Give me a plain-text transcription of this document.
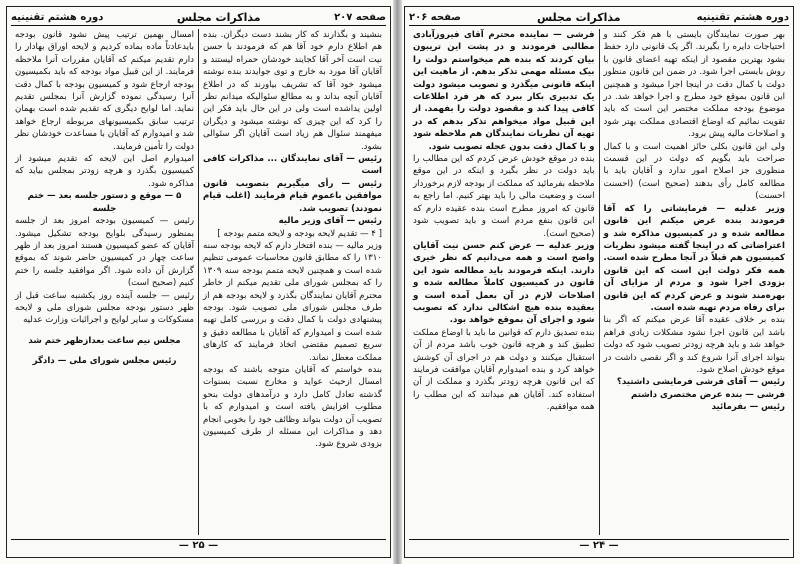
صفحه ۲۰۷
مذاکرات مجلس
دوره هشتم تقنینیه

بنشیند و بگذارند که کار بشند دست دیگران. بنده هم اطلاع دارم خود آقا هم که فرمودند با حسن نیت است آخر آقا کجایند خودشان حمراه لیستند و آقایان آقا مورد به خارج و توی جوایدند بنده نوشته میشود خود آقا که تشریف بیاورند که در اطلاع آقایان آنچه بداند و به مطالع سئوالیکه میدانم نظر اولین یداشده است ولی در این حال باید فکر این را کرد که این چیزی که نوشته میشود و دیگران میفهمند سئوال هم زیاد است آقایان اگر سئوالی بشود.

رئیس — آقای نمایندگان ... مذاکرات کافی است

رئیس — رأی میگیریم بتصویب قانون موافقین باعموم قیام فرمایند (اغلب قیام نمودند) تصویب شد.

رئیس — آقای وزیر مالیه

[ ۴ — تقدیم لایحه بودجه و لایحه متمم بودجه ]

وزیر مالیه — بنده افتخار دارم که لایحه بودجه سنه ۱۳۱۰ را که مطابق قانون محاسبات عمومی تنظیم شده است و همچنین لایحه متمم بودجه سنه ۱۳۰۹ را که بمجلس شورای ملی تقدیم میکنم از خاطر محترم آقایان نمایندگان بگذرد و لایحه بودجه هم از طرف مجلس شورای ملی تصویب شود. بودجه پیشنهادی دولت با کمال دقت و بررسی کامل تهیه شده است و امیدوارم که آقایان با مطالعه دقیق و سریع تصمیم مقتضی اتخاذ فرمایند که کارهای مملکت معطل نماند.

بنده خواستم که آقایان متوجه باشند که بودجه امسال ازحیث عواید و مخارج نسبت بسنوات گذشته تعادل کامل دارد و درآمدهای دولت بنحو مطلوب افزایش یافته است و امیدوارم که با تصویب آن دولت بتواند وظائف خود را بخوبی انجام دهد و مذاکرات این مسئله از طرف کمیسیون بزودی شروع شود.

امسال بهمین ترتیب پیش نشود قانون بودجه بایدعادتاً ماده بماده کردیم و لایحه اوراق بهادار را دارم تقدیم میکنم که آقایان مقررات آنرا ملاحظه فرمایند. از این قبیل مواد بودجه که باید بکمیسیون بودجه ارجاع شود و کمیسیون بودجه با کمال دقت آنرا رسیدگی نموده گزارش آنرا بمجلس تقدیم نماید. اما لوایح دیگری که تقدیم شده است بهمان ترتیب سابق بکمیسیونهای مربوطه ارجاع خواهد شد و امیدوارم که آقایان با مساعدت خودشان نظر دولت را تأمین فرمایند.

امیدوارم اصل این لایحه که تقدیم میشود از کمیسیون بگذرد و هرچه زودتر بمجلس بیاید که مذاکره شود.

۵ — موقع و دستور جلسه بعد — ختم جلسه

رئیس — کمیسیون بودجه امروز بعد از جلسه بمنظور رسیدگی بلوایح بودجه تشکیل میشود. آقایان که عضو کمیسیون هستند امروز بعد از ظهر ساعت چهار در کمیسیون حاضر شوند که بموقع گزارش آن داده شود. اگر موافقید جلسه را ختم کنیم (صحیح است)

رئیس — جلسه آینده روز یکشنبه ساعت قبل از ظهر دستور بودجه مجلس شورای ملی و لایحه مسکوکات و سایر لوایح و اجرائیات وزارت عدلیه

مجلس نیم ساعت بعدازظهر ختم شد

رئیس مجلس شورای ملی — دادگر

— ۲۵ —
دوره هشتم تقنینیه
مذاکرات مجلس
صفحه ۲۰۶

بهر صورت نمایندگان بایستی با هم فکر کنند و احتیاجات دایره را بگیرند. اگر یک قانونی دارد حفظ بشود بهترین مقصود از اینکه تهیه اعضای قانون با روش بایستی اجرا شود. در ضمن این قانون منظور دولت با کمال دقت در اینجا اجرا میشود و همچنین این قانون بموقع خود مطرح و اجرا خواهد شد. در موضوع بودجه مملکت مختصر این است که باید تقویت نمائیم که اوضاع اقتصادی مملکت بهتر شود و اصلاحات مالیه پیش برود.

ولی این قانون بکلی حائز اهمیت است و با کمال صراحت باید بگویم که دولت در این قسمت منظوری جز اصلاح امور ندارد و آقایان باید با مطالعه کامل رأی بدهند (صحیح است) (احسنت احسنت)

وزیر عدلیه — فرمایشاتی را که آقا فرمودند بنده عرض میکنم این قانون مطالعه شده و در کمیسیون مذاکره شد و اعتراضاتی که در اینجا گفته میشود نظریات کمیسیون هم قبلاً در آنجا مطرح شده است. همه فکر دولت این است که این قانون بزودی اجرا شود و مردم از مزایای آن بهره‌مند شوند و عرض کردم که این قانون برای رفاه مردم تهیه شده است.

بنده بر خلاف عقیده آقا عرض میکنم که اگر بنا باشد این قانون اجرا نشود مشکلات زیادی فراهم خواهد شد و باید هرچه زودتر تصویب شود که دولت بتواند اجرای آنرا شروع کند و اگر نقصی داشت در موقع خودش اصلاح شود.

رئیس — آقای فرشی فرمایشی داشتید؟

فرشی — بنده عرض مختصری داشتم

رئیس — بفرمائید

فرشی — نماینده محترم آقای فیروزآبادی مطالبی فرمودند و در پشت این تریبون بیان کردند که بنده هم میخواستم دولت را بیک مسئله مهمی تذکر بدهم. از ماهیت این اینکه قانونی میگذرد و تصویب میشود دولت یک تدبیری بکار ببرد که هر فرد اطلاعات کافی پیدا کند و مقصود دولت را بفهمد. از این قبیل مواد میخواهم تذکر بدهم که در تهیه آن نظریات نمایندگان هم ملاحظه شود و با کمال دقت بدون عجله تصویب شود.

بنده در موقع خودش عرض کردم که این مطالب را باید دولت در نظر بگیرد و اینکه در این موقع ملاحظه بفرمائید که مملکت از بودجه لازم برخوردار است و وضعیت مالی را باید بهتر کنیم. اما راجع به قانون که امروز مطرح است بنده عقیده دارم که این قانون بنفع مردم است و باید تصویب شود (صحیح است).

وزیر عدلیه — عرض کنم حسن نیت آقایان واضح است و همه می‌دانیم که نظر خیری دارند. اینکه فرمودند باید مطالعه شود این قانون در کمیسیون کاملاً مطالعه شده و اصلاحات لازم در آن بعمل آمده است و بعقیده بنده هیچ اشکالی ندارد که تصویب شود و اجرای آن بموقع خواهد بود.

بنده تصدیق دارم که قوانین ما باید با اوضاع مملکت تطبیق کند و هرچه قانون خوب باشد مردم از آن استقبال میکنند و دولت هم در اجرای آن کوشش خواهد کرد و بنده امیدوارم آقایان موافقت فرمایند که این قانون هرچه زودتر بگذرد و مملکت از آن استفاده کند. آقایان هم میدانند که این مطلب را همه موافقیم.

— ۲۴ —
